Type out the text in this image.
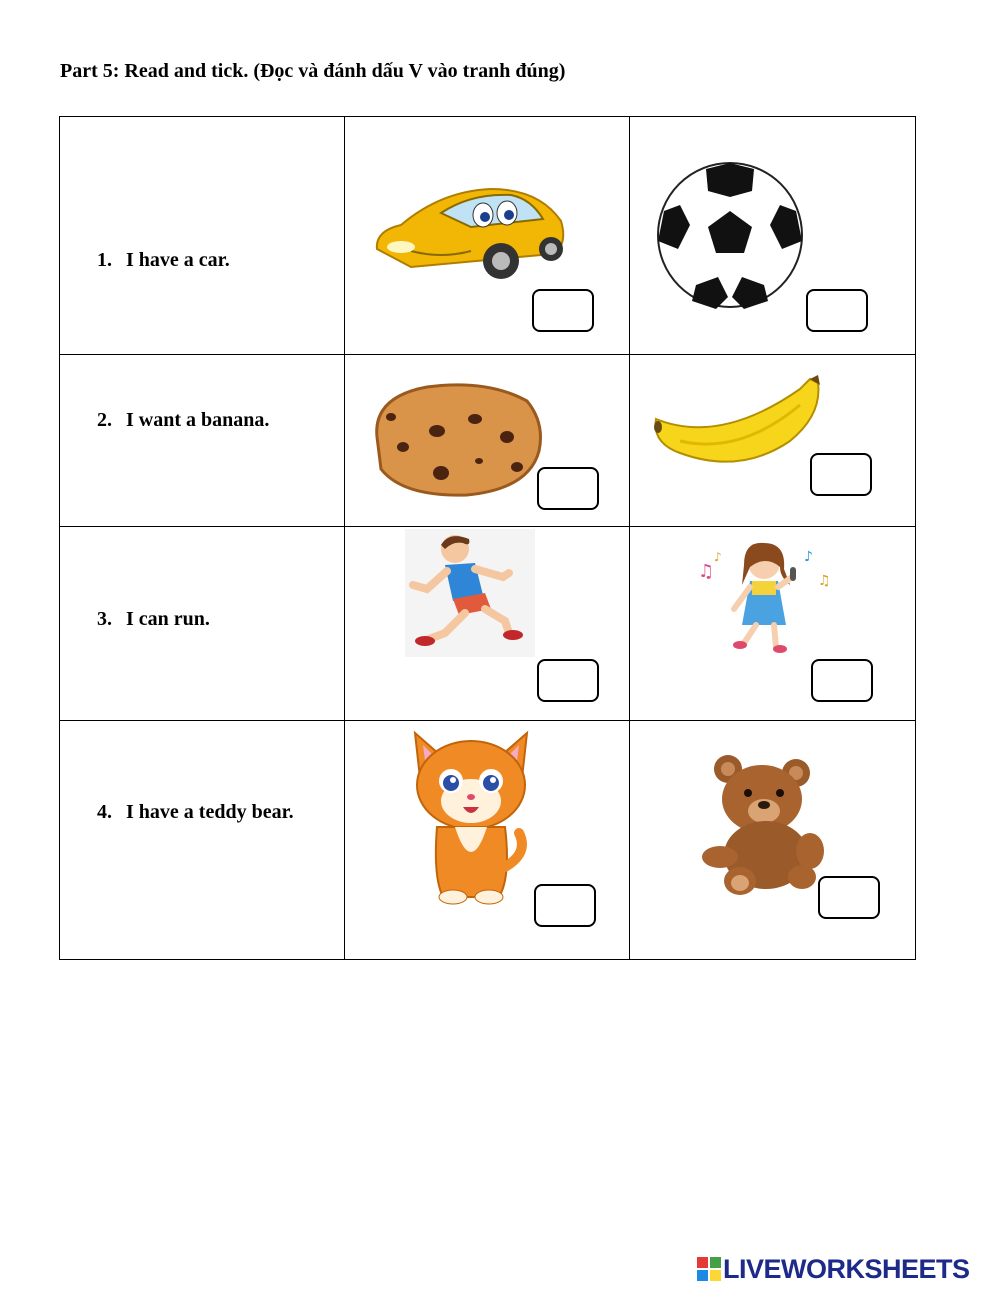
Part 5: Read and tick. (Đọc và đánh dấu V vào tranh đúng)
1. I have a car.

2. I want a banana.

3. I can run.		♫
♪ ♪
♫

4. I have a teddy bear.

LIVEWORKSHEETS
